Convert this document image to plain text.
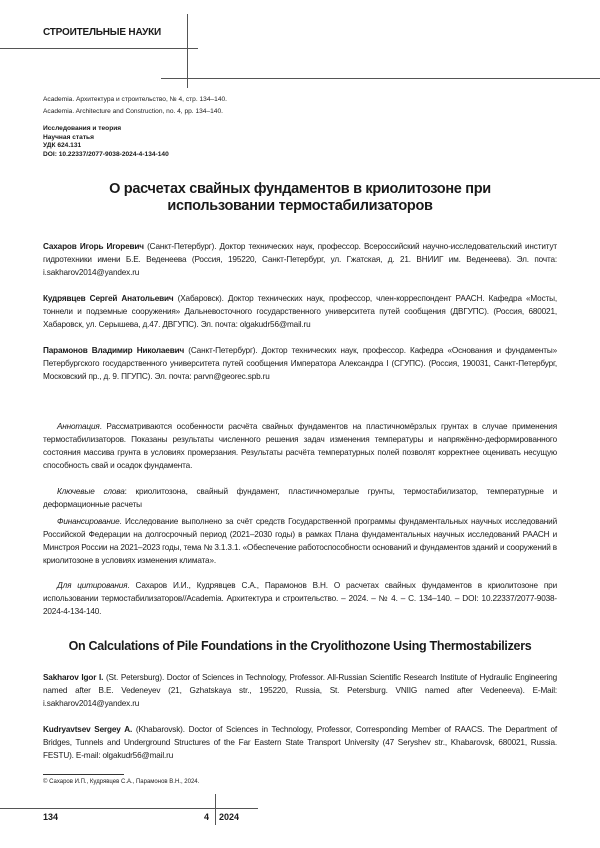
СТРОИТЕЛЬНЫЕ НАУКИ
Academia. Архитектура и строительство, № 4, стр. 134–140.
Academia. Architecture and Construction, no. 4, pp. 134–140.
Исследования и теория
Научная статья
УДК 624.131
DOI: 10.22337/2077-9038-2024-4-134-140
О расчетах свайных фундаментов в криолитозоне при использовании термостабилизаторов
Сахаров Игорь Игоревич (Санкт-Петербург). Доктор технических наук, профессор. Всероссийский научно-исследовательский институт гидротехники имени Б.Е. Веденеева (Россия, 195220, Санкт-Петербург, ул. Гжатская, д. 21. ВНИИГ им. Веденеева). Эл. почта: i.sakharov2014@yandex.ru
Кудрявцев Сергей Анатольевич (Хабаровск). Доктор технических наук, профессор, член-корреспондент РААСН. Кафедра «Мосты, тоннели и подземные сооружения» Дальневосточного государственного университета путей сообщения (ДВГУПС). (Россия, 680021, Хабаровск, ул. Серышева, д.47. ДВГУПС). Эл. почта: olgakudr56@mail.ru
Парамонов Владимир Николаевич (Санкт-Петербург). Доктор технических наук, профессор. Кафедра «Основания и фундаменты» Петербургского государственного университета путей сообщения Императора Александра I (СГУПС). (Россия, 190031, Санкт-Петербург, Московский пр., д. 9. ПГУПС). Эл. почта: parvn@georec.spb.ru
Аннотация. Рассматриваются особенности расчёта свайных фундаментов на пластичномёрзлых грунтах в случае применения термостабилизаторов. Показаны результаты численного решения задач изменения температуры и напряжённо-деформированного состояния массива грунта в условиях промерзания. Результаты расчёта температурных полей позволят корректнее оценивать несущую способность свай и осадок фундамента.
Ключевые слова: криолитозона, свайный фундамент, пластичномерзлые грунты, термостабилизатор, температурные и деформационные расчеты
Финансирование. Исследование выполнено за счёт средств Государственной программы фундаментальных научных исследований Российской Федерации на долгосрочный период (2021–2030 годы) в рамках Плана фундаментальных научных исследований РААСН и Минстроя России на 2021–2023 годы, тема № 3.1.3.1. «Обеспечение работоспособности оснований и фундаментов зданий и сооружений в криолитозоне в условиях изменения климата».
Для цитирования. Сахаров И.И., Кудрявцев С.А., Парамонов В.Н. О расчетах свайных фундаментов в криолитозоне при использовании термостабилизаторов//Academia. Архитектура и строительство. – 2024. – № 4. – С. 134–140. – DOI: 10.22337/2077-9038-2024-4-134-140.
On Calculations of Pile Foundations in the Cryolithozone Using Thermostabilizers
Sakharov Igor I. (St. Petersburg). Doctor of Sciences in Technology, Professor. All-Russian Scientific Research Institute of Hydraulic Engineering named after B.E. Vedeneyev (21, Gzhatskaya str., 195220, Russia, St. Petersburg. VNIIG named after Vedeneeva). E-Mail: i.sakharov2014@yandex.ru
Kudryavtsev Sergey A. (Khabarovsk). Doctor of Sciences in Technology, Professor, Corresponding Member of RAACS. The Department of Bridges, Tunnels and Underground Structures of the Far Eastern State Transport University (47 Seryshev str., Khabarovsk, 680021, Russia. FESTU). E-mail: olgakudr56@mail.ru
© Сахаров И.П., Кудрявцев С.А., Парамонов В.Н., 2024.
134	4 2024
